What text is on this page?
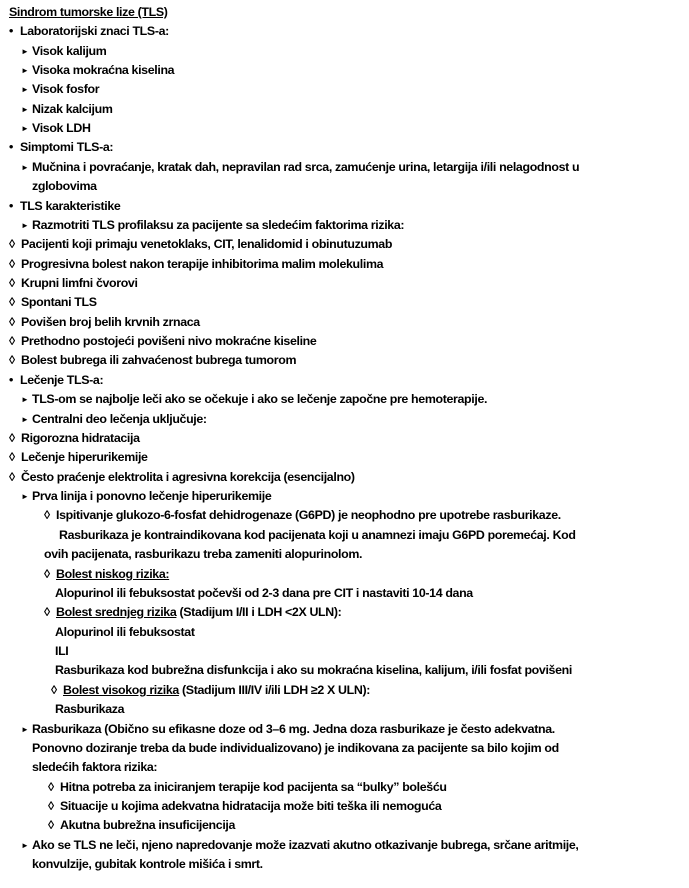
Sindrom tumorske lize (TLS)
• Laboratorijski znaci TLS-a:
► Visok kalijum
► Visoka mokraćna kiselina
► Visok fosfor
► Nizak kalcijum
► Visok LDH
• Simptomi TLS-a:
► Mučnina i povraćanje, kratak dah, nepravilan rad srca, zamućenje urina, letargija i/ili nelagodnost u
zglobovima
• TLS karakteristike
► Razmotriti TLS profilaksu za pacijente sa sledećim faktorima rizika:
◊ Pacijenti koji primaju venetoklaks, CIT, lenalidomid i obinutuzumab
◊ Progresivna bolest nakon terapije inhibitorima malim molekulima
◊ Krupni limfni čvorovi
◊ Spontani TLS
◊ Povišen broj belih krvnih zrnaca
◊ Prethodno postojeći povišeni nivo mokraćne kiseline
◊ Bolest bubrega ili zahvaćenost bubrega tumorom
• Lečenje TLS-a:
► TLS-om se najbolje leči ako se očekuje i ako se lečenje započne pre hemoterapije.
► Centralni deo lečenja uključuje:
◊ Rigorozna hidratacija
◊ Lečenje hiperurikemije
◊ Često praćenje elektrolita i agresivna korekcija (esencijalno)
► Prva linija i ponovno lečenje hiperurikemije
◊ Ispitivanje glukozo-6-fosfat dehidrogenaze (G6PD) je neophodno pre upotrebe rasburikaze.
Rasburikaza je kontraindikovana kod pacijenata koji u anamnezi imaju G6PD poremećaj. Kod
ovih pacijenata, rasburikazu treba zameniti alopurinolom.
◊ Bolest niskog rizika:
Alopurinol ili febuksostat počevši od 2-3 dana pre CIT i nastaviti 10-14 dana
◊ Bolest srednjeg rizika (Stadijum I/II i LDH <2X ULN):
Alopurinol ili febuksostat
ILI
Rasburikaza kod bubrežna disfunkcija i ako su mokraćna kiselina, kalijum, i/ili fosfat povišeni
◊ Bolest visokog rizika (Stadijum III/IV i/ili LDH ≥2 X ULN):
Rasburikaza
► Rasburikaza (Obično su efikasne doze od 3–6 mg. Jedna doza rasburikaze je često adekvatna.
Ponovno doziranje treba da bude individualizovano) je indikovana za pacijente sa bilo kojim od
sledećih faktora rizika:
◊ Hitna potreba za iniciranjem terapije kod pacijenta sa “bulky” bolešću
◊ Situacije u kojima adekvatna hidratacija može biti teška ili nemoguća
◊ Akutna bubrežna insuficijencija
► Ako se TLS ne leči, njeno napredovanje može izazvati akutno otkazivanje bubrega, srčane aritmije,
konvulzije, gubitak kontrole mišića i smrt.
